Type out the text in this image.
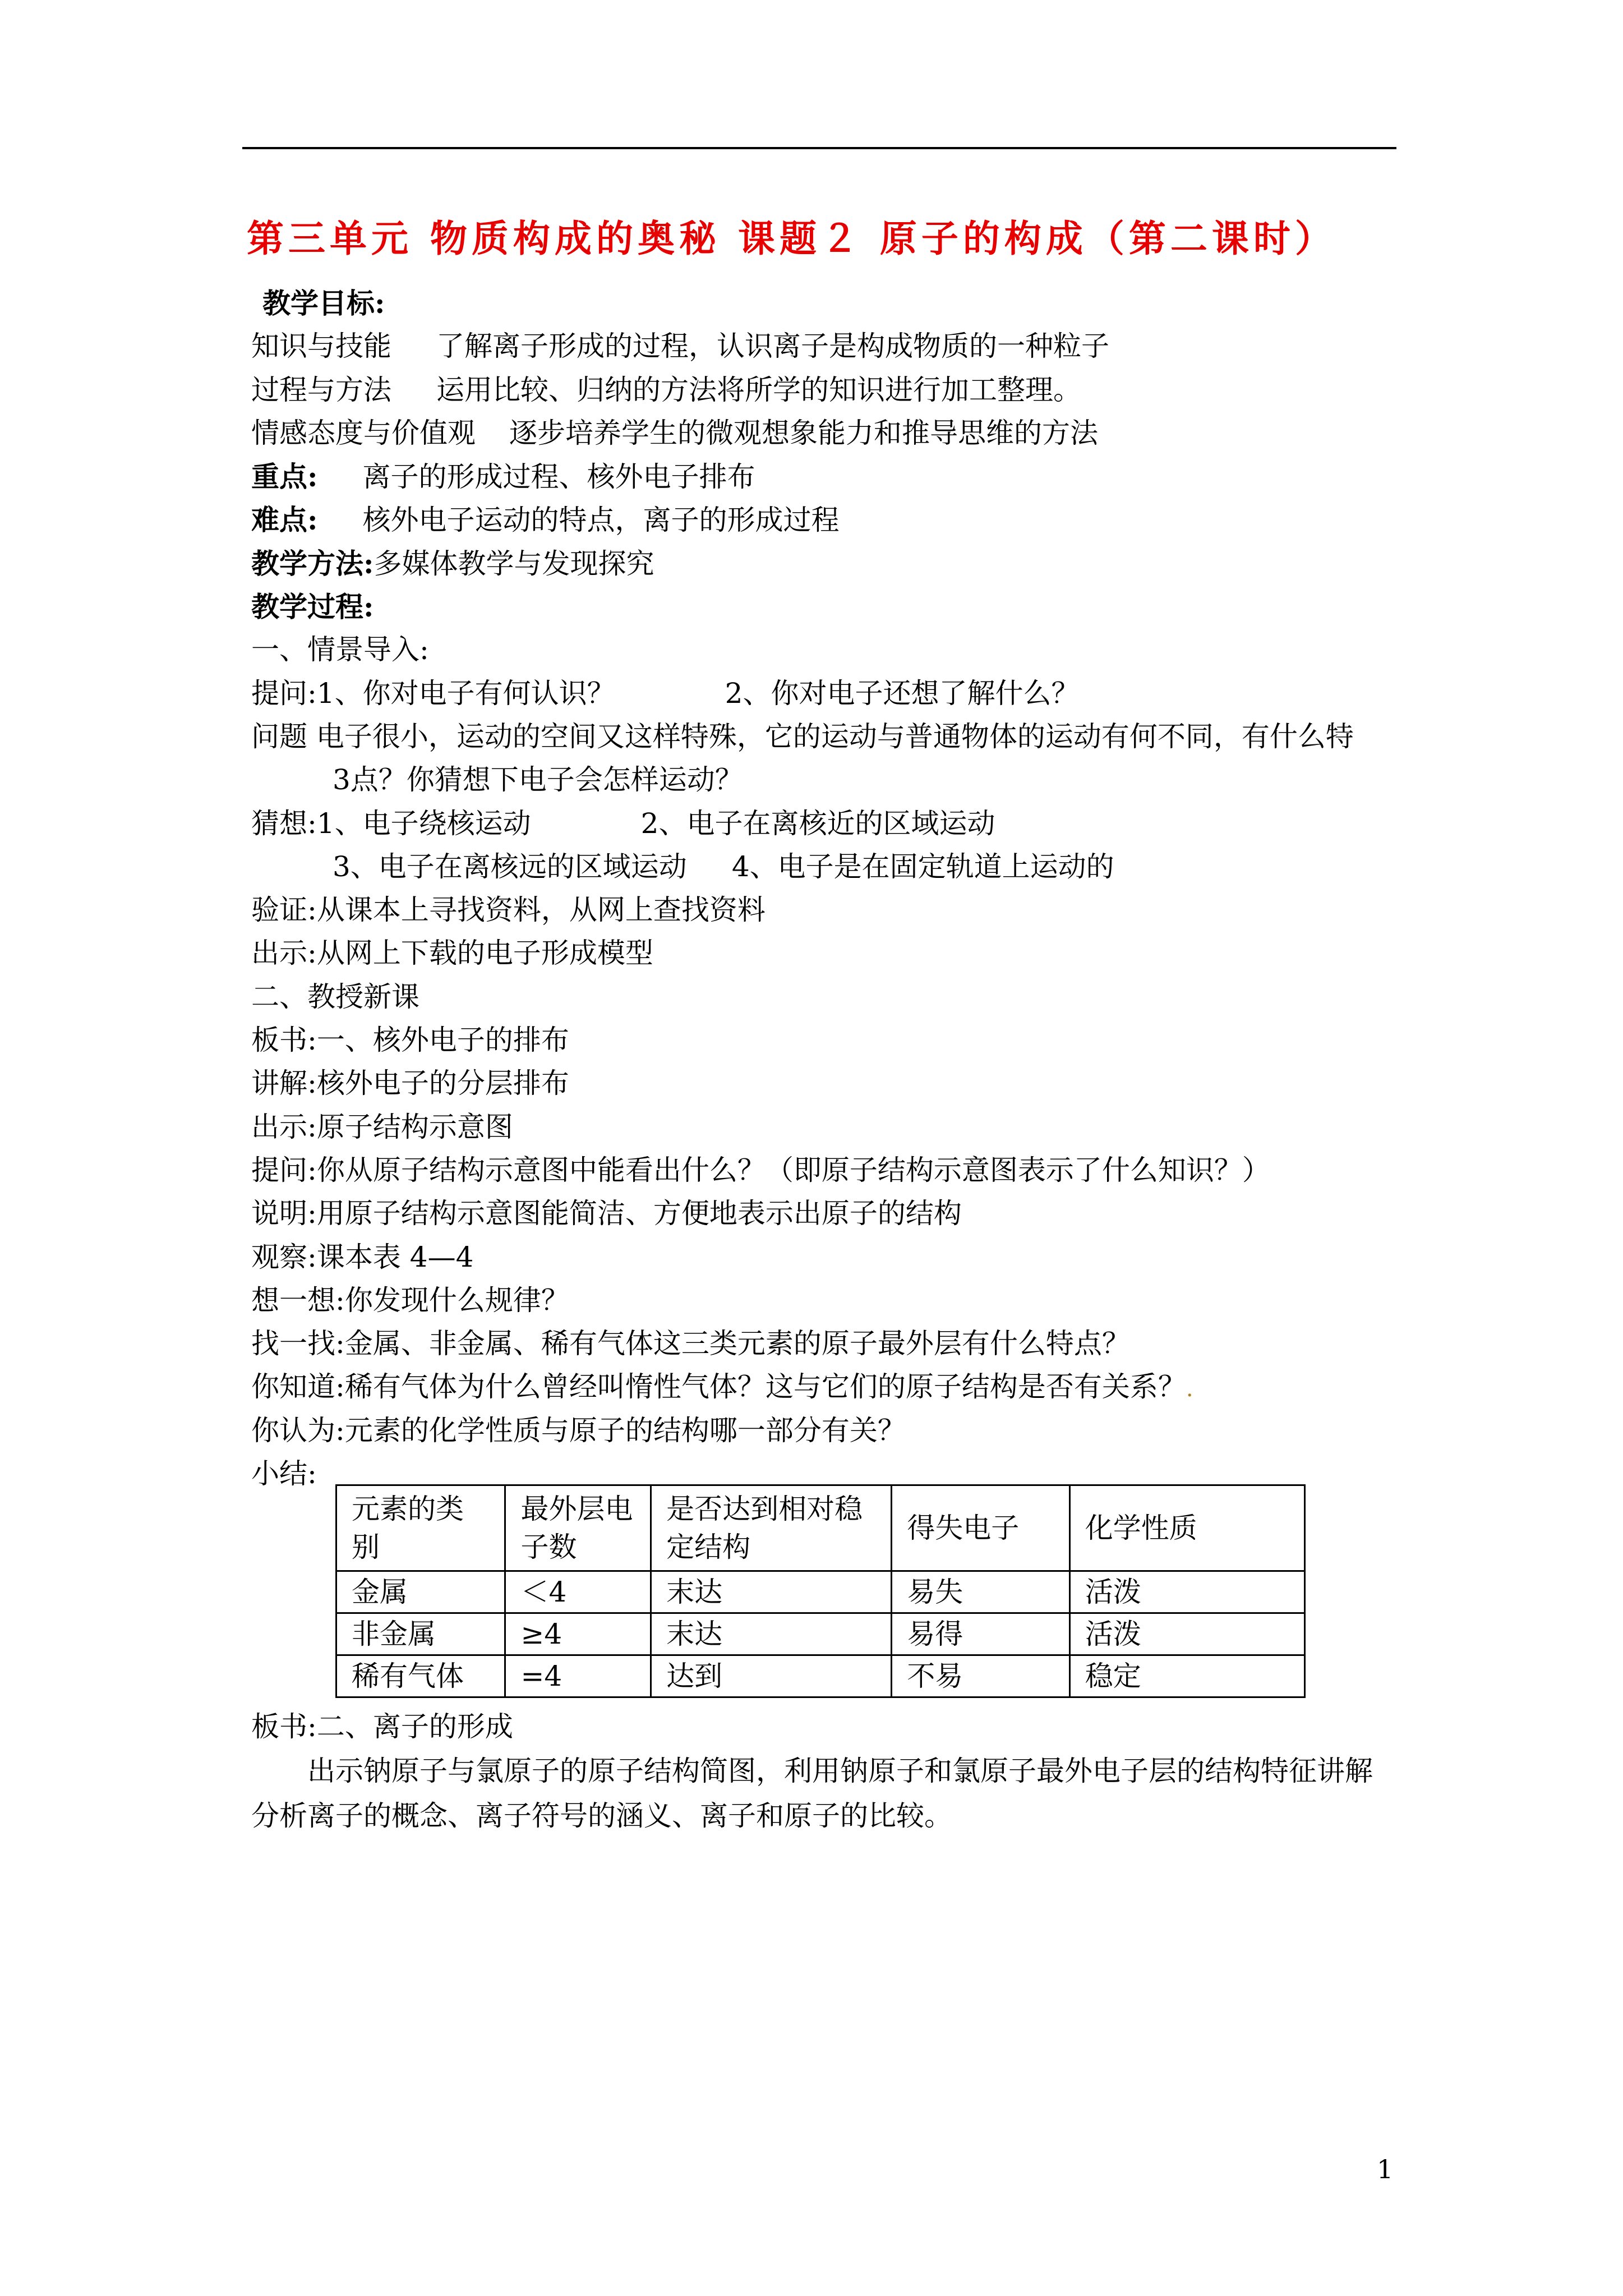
第三单元 物质构成的奥秘 课题２ 原子的构成（第二课时）
教学目标:
知识与技能 了解离子形成的过程，认识离子是构成物质的一种粒子
过程与方法 运用比较、归纳的方法将所学的知识进行加工整理。
情感态度与价值观 逐步培养学生的微观想象能力和推导思维的方法
重点: 离子的形成过程、核外电子排布
难点: 核外电子运动的特点，离子的形成过程
教学方法:多媒体教学与发现探究
教学过程:
一、情景导入:
提问:1、你对电子有何认识？	2、你对电子还想了解什么？
问题 电子很小，运动的空间又这样特殊，它的运动与普通物体的运动有何不同，有什么特
3点？你猜想下电子会怎样运动？
猜想:1、电子绕核运动	2、电子在离核近的区域运动
3、电子在离核远的区域运动 4、电子是在固定轨道上运动的
验证:从课本上寻找资料，从网上查找资料
出示:从网上下载的电子形成模型
二、教授新课
板书:一、核外电子的排布
讲解:核外电子的分层排布
出示:原子结构示意图
提问:你从原子结构示意图中能看出什么？（即原子结构示意图表示了什么知识？）
说明:用原子结构示意图能简洁、方便地表示出原子的结构
观察:课本表 4—4
想一想:你发现什么规律？
找一找:金属、非金属、稀有气体这三类元素的原子最外层有什么特点？
你知道:稀有气体为什么曾经叫惰性气体？这与它们的原子结构是否有关系？.
你认为:元素的化学性质与原子的结构哪一部分有关？
小结:
元素的类别	最外层电子数	是否达到相对稳定结构	得失电子	化学性质
金属	＜4	末达	易失	活泼
非金属	≥4	末达	易得	活泼
稀有气体	=4	达到	不易	稳定
板书:二、离子的形成
出示钠原子与氯原子的原子结构简图，利用钠原子和氯原子最外电子层的结构特征讲解分析离子的概念、离子符号的涵义、离子和原子的比较。
1
